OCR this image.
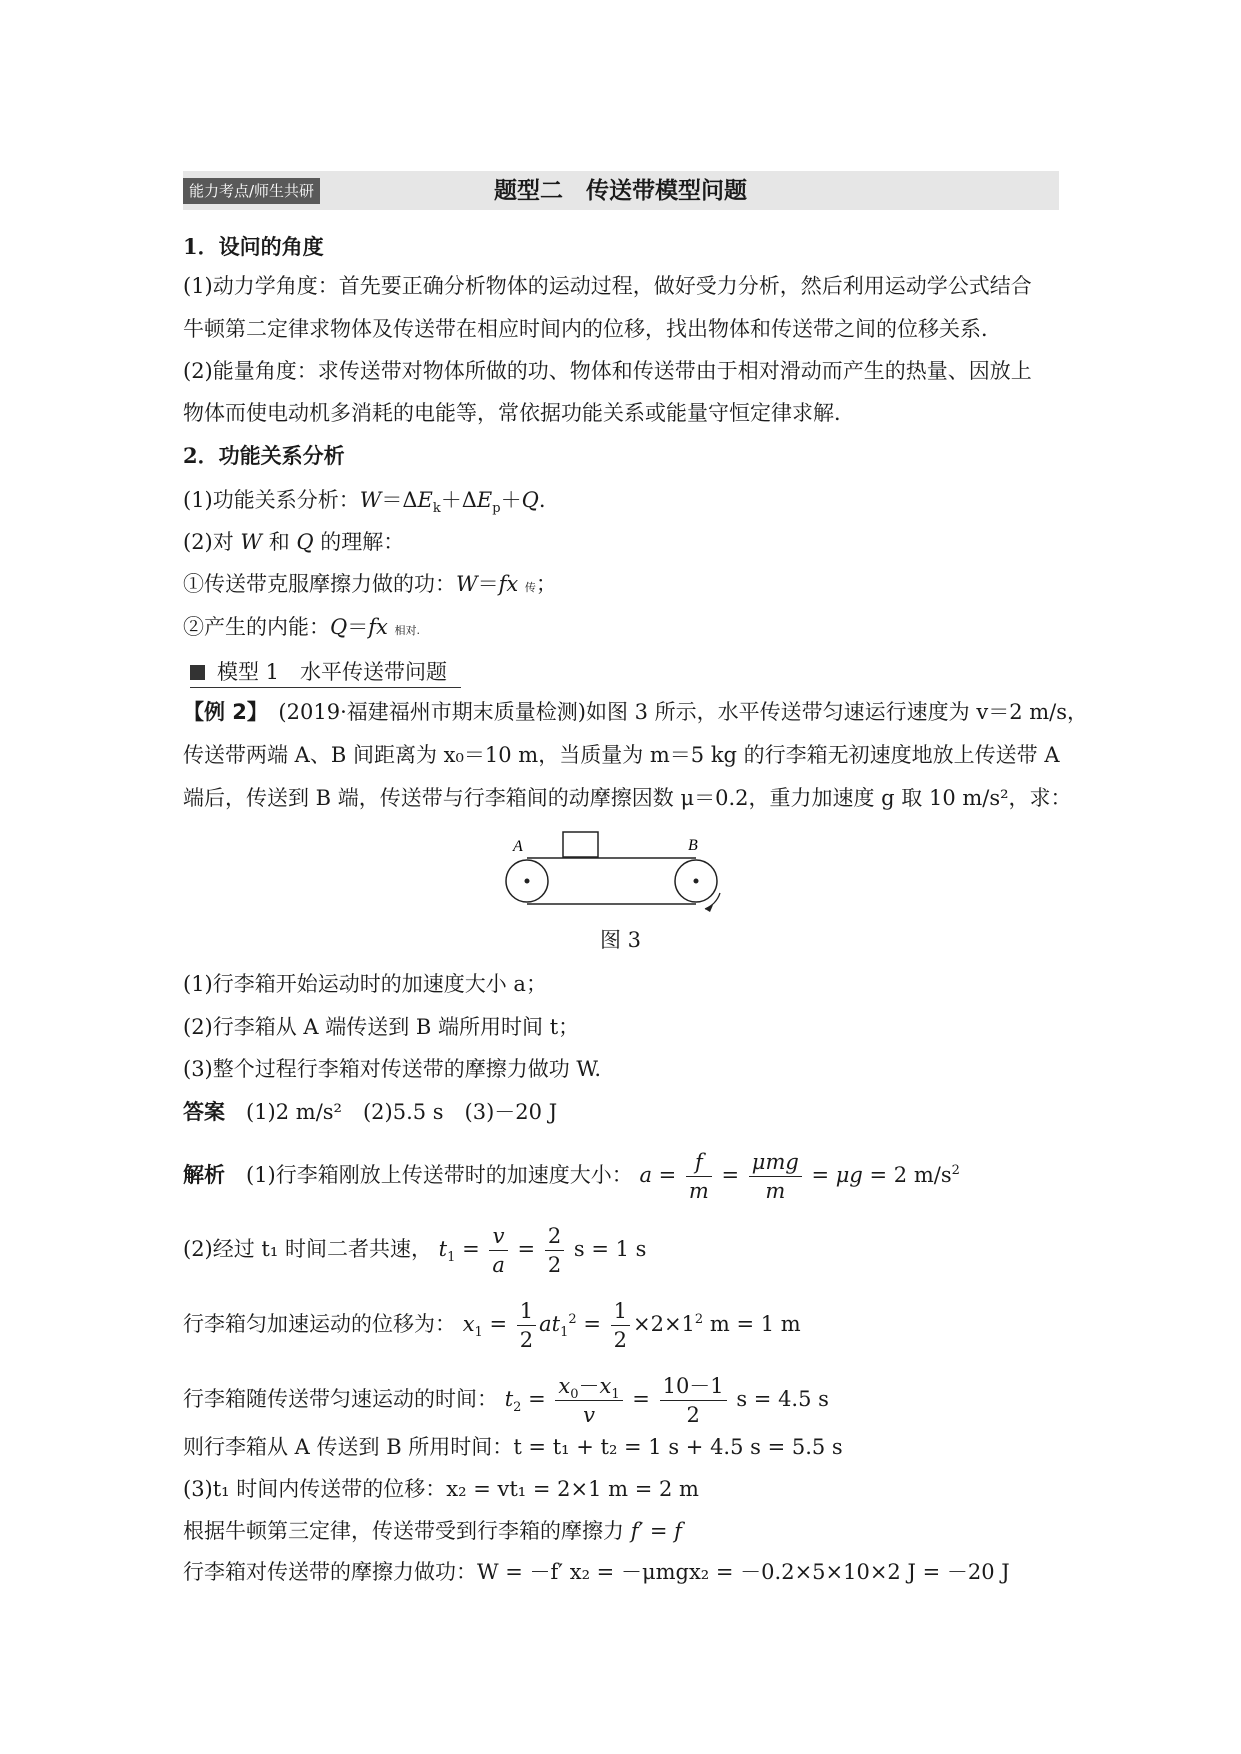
能力考点/师生共研	题型二　传送带模型问题
1．设问的角度
(1)动力学角度：首先要正确分析物体的运动过程，做好受力分析，然后利用运动学公式结合
牛顿第二定律求物体及传送带在相应时间内的位移，找出物体和传送带之间的位移关系．
(2)能量角度：求传送带对物体所做的功、物体和传送带由于相对滑动而产生的热量、因放上
物体而使电动机多消耗的电能等，常依据功能关系或能量守恒定律求解．
2．功能关系分析
(1)功能关系分析：$W=\Delta E_k+\Delta E_p+Q$.
(2)对 W 和 Q 的理解：
①传送带克服摩擦力做的功：W＝fx 传；
②产生的内能：Q＝fx 相对.
模型 1　水平传送带问题
【例 2】　(2019·福建福州市期末质量检测)如图 3 所示，水平传送带匀速运行速度为 v＝2 m/s，
传送带两端 A、B 间距离为 x₀＝10 m，当质量为 m＝5 kg 的行李箱无初速度地放上传送带 A
端后，传送到 B 端，传送带与行李箱间的动摩擦因数 μ＝0.2，重力加速度 g 取 10 m/s²，求：
A	B
图 3
(1)行李箱开始运动时的加速度大小 a；
(2)行李箱从 A 端传送到 B 端所用时间 t；
(3)整个过程行李箱对传送带的摩擦力做功 W.
答案　(1)2 m/s²　(2)5.5 s　(3)－20 J
解析　(1)行李箱刚放上传送带时的加速度大小： $a = \frac{f}{m} = \frac{\text{μmg}}{m} = \mu g = 2$ $m/s^2$
(2)经过 t₁ 时间二者共速， $t_1 = \frac{v}{a} = \frac{2}{2}$ s = 1 s
行李箱匀加速运动的位移为： $x_1 = \frac{1}{2} at_1^2 = \frac{1}{2} \times 2\times 1^2$ m = 1 m
行李箱随传送带匀速运动的时间： $t_2 = \frac{x_0-x_1}{v} = \frac{10-1}{2}$ s = 4.5 s
则行李箱从 A 传送到 B 所用时间：t = t₁ + t₂ = 1 s + 4.5 s = 5.5 s
(3)t₁ 时间内传送带的位移：x₂ = vt₁ = 2×1 m = 2 m
根据牛顿第三定律，传送带受到行李箱的摩擦力 f′ = f
行李箱对传送带的摩擦力做功：W = －f′ x₂ = －μmgx₂ = －0.2×5×10×2 J = －20 J
